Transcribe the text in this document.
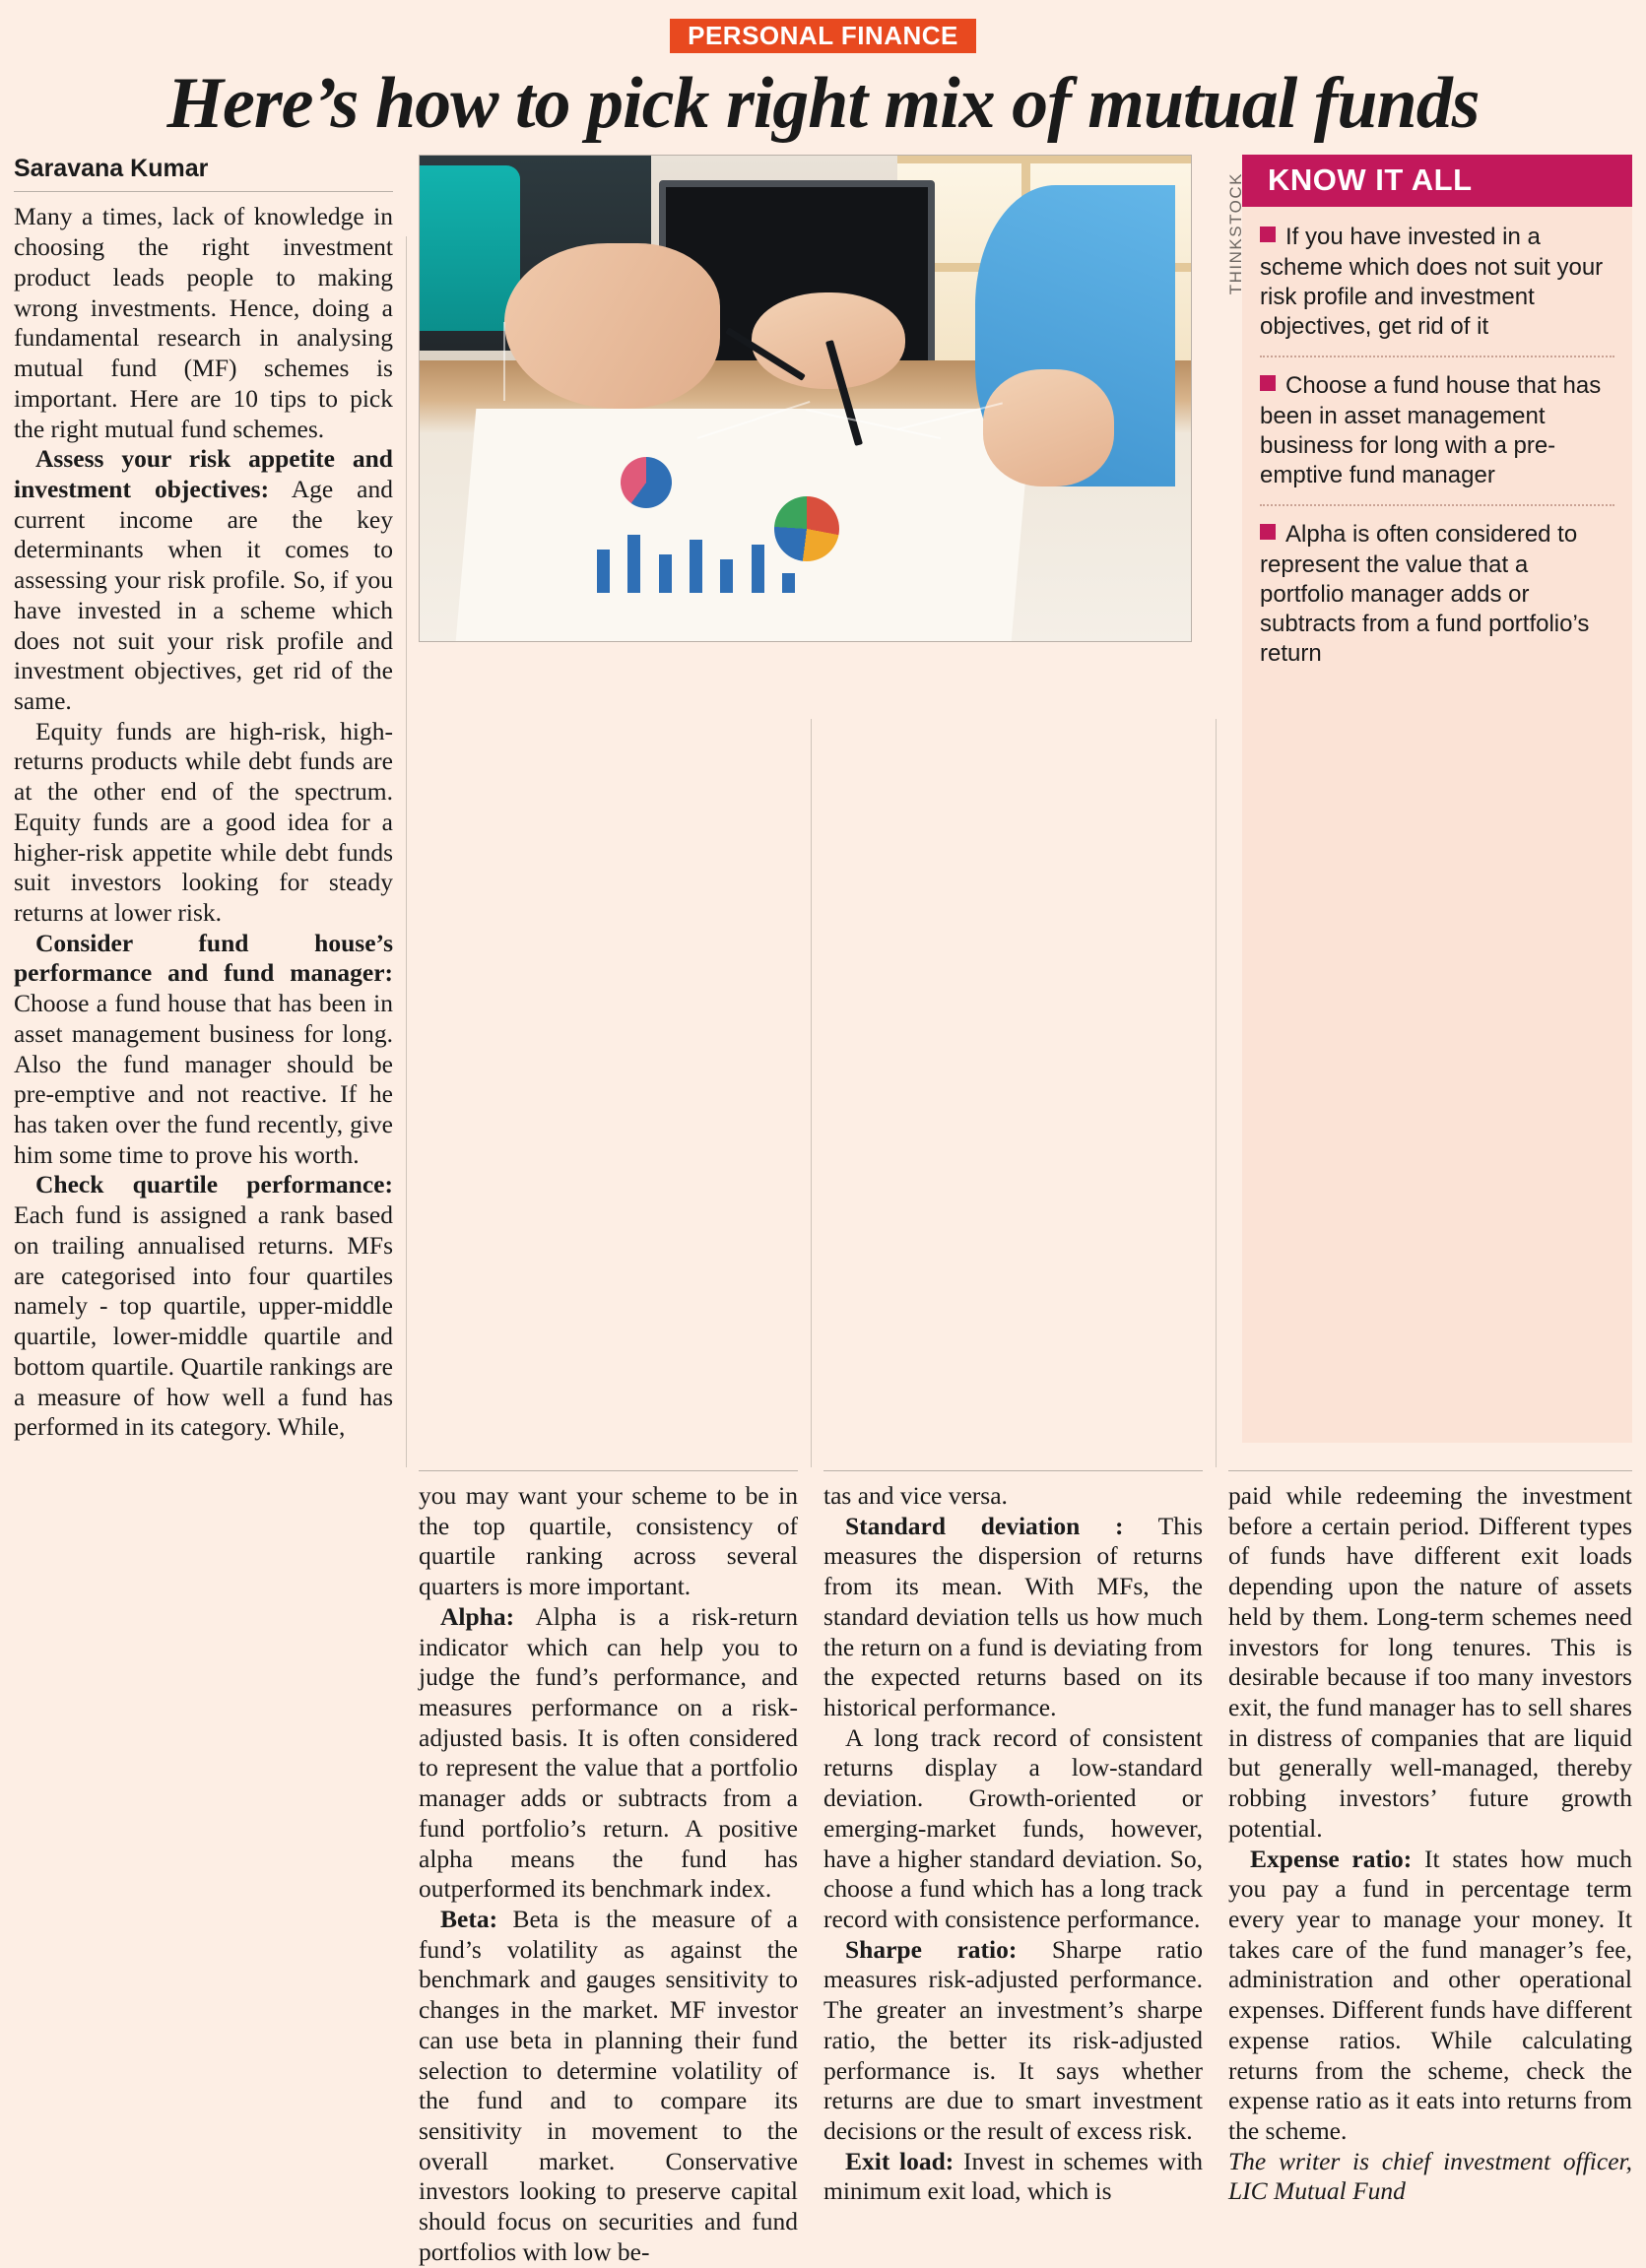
PERSONAL FINANCE
Here’s how to pick right mix of mutual funds
Saravana Kumar

Many a times, lack of knowledge in choosing the right investment product leads people to making wrong investments. Hence, doing a fundamental research in analysing mutual fund (MF) schemes is important. Here are 10 tips to pick the right mutual fund schemes.

Assess your risk appetite and investment objectives: Age and current income are the key determinants when it comes to assessing your risk profile. So, if you have invested in a scheme which does not suit your risk profile and investment objectives, get rid of the same.

Equity funds are high-risk, high-returns products while debt funds are at the other end of the spectrum. Equity funds are a good idea for a higher-risk appetite while debt funds suit investors looking for steady returns at lower risk.

Consider fund house’s performance and fund manager: Choose a fund house that has been in asset management business for long. Also the fund manager should be pre-emptive and not reactive. If he has taken over the fund recently, give him some time to prove his worth.

Check quartile performance: Each fund is assigned a rank based on trailing annualised returns. MFs are categorised into four quartiles namely - top quartile, upper-middle quartile, lower-middle quartile and bottom quartile. Quartile rankings are a measure of how well a fund has performed in its category. While,

THINKSTOCK KNOW IT ALL
If you have invested in a scheme which does not suit your risk profile and investment objectives, get rid of it
Choose a fund house that has been in asset management business for long with a pre-emptive fund manager
Alpha is often considered to represent the value that a portfolio manager adds or subtracts from a fund portfolio’s return

you may want your scheme to be in the top quartile, consistency of quartile ranking across several quarters is more important.

Alpha: Alpha is a risk-return indicator which can help you to judge the fund’s performance, and measures performance on a risk-adjusted basis. It is often considered to represent the value that a portfolio manager adds or subtracts from a fund portfolio’s return. A positive alpha means the fund has outperformed its benchmark index.

Beta: Beta is the measure of a fund’s volatility as against the benchmark and gauges sensitivity to changes in the market. MF investor can use beta in planning their fund selection to determine volatility of the fund and to compare its sensitivity in movement to the overall market. Conservative investors looking to preserve capital should focus on securities and fund portfolios with low be-

tas and vice versa.

Standard deviation : This measures the dispersion of returns from its mean. With MFs, the standard deviation tells us how much the return on a fund is deviating from the expected returns based on its historical performance.

A long track record of consistent returns display a low-standard deviation. Growth-oriented or emerging-market funds, however, have a higher standard deviation. So, choose a fund which has a long track record with consistence performance.

Sharpe ratio: Sharpe ratio measures risk-adjusted performance. The greater an investment’s sharpe ratio, the better its risk-adjusted performance is. It says whether returns are due to smart investment decisions or the result of excess risk.

Exit load: Invest in schemes with minimum exit load, which is

paid while redeeming the investment before a certain period. Different types of funds have different exit loads depending upon the nature of assets held by them. Long-term schemes need investors for long tenures. This is desirable because if too many investors exit, the fund manager has to sell shares in distress of companies that are liquid but generally well-managed, thereby robbing investors’ future growth potential.

Expense ratio: It states how much you pay a fund in percentage term every year to manage your money. It takes care of the fund manager’s fee, administration and other operational expenses. Different funds have different expense ratios. While calculating returns from the scheme, check the expense ratio as it eats into returns from the scheme.

The writer is chief investment officer, LIC Mutual Fund
